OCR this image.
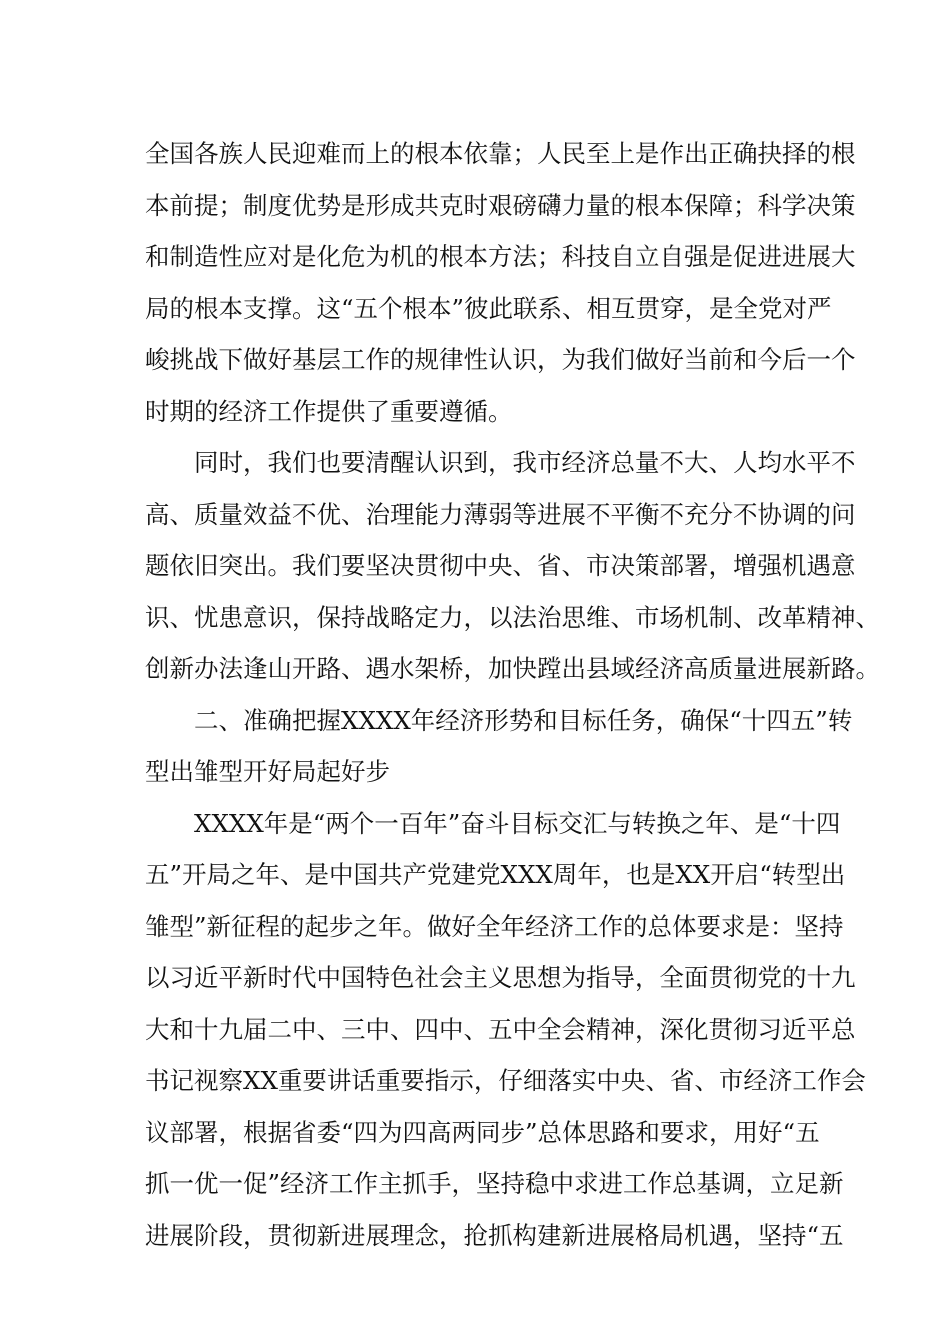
全国各族人民迎难而上的根本依靠；人民至上是作出正确抉择的根
本前提；制度优势是形成共克时艰磅礴力量的根本保障；科学决策
和制造性应对是化危为机的根本方法；科技自立自强是促进进展大
局的根本支撑。这“五个根本”彼此联系、相互贯穿，是全党对严
峻挑战下做好基层工作的规律性认识，为我们做好当前和今后一个
时期的经济工作提供了重要遵循。
同时，我们也要清醒认识到，我市经济总量不大、人均水平不
高、质量效益不优、治理能力薄弱等进展不平衡不充分不协调的问
题依旧突出。我们要坚决贯彻中央、省、市决策部署，增强机遇意
识、忧患意识，保持战略定力，以法治思维、市场机制、改革精神、
创新办法逢山开路、遇水架桥，加快蹚出县域经济高质量进展新路。
二、准确把握XXXX年经济形势和目标任务，确保“十四五”转
型出雏型开好局起好步
XXXX年是“两个一百年”奋斗目标交汇与转换之年、是“十四
五”开局之年、是中国共产党建党XXX周年，也是XX开启“转型出
雏型”新征程的起步之年。做好全年经济工作的总体要求是：坚持
以习近平新时代中国特色社会主义思想为指导，全面贯彻党的十九
大和十九届二中、三中、四中、五中全会精神，深化贯彻习近平总
书记视察XX重要讲话重要指示，仔细落实中央、省、市经济工作会
议部署，根据省委“四为四高两同步”总体思路和要求，用好“五
抓一优一促”经济工作主抓手，坚持稳中求进工作总基调，立足新
进展阶段，贯彻新进展理念，抢抓构建新进展格局机遇，坚持“五
